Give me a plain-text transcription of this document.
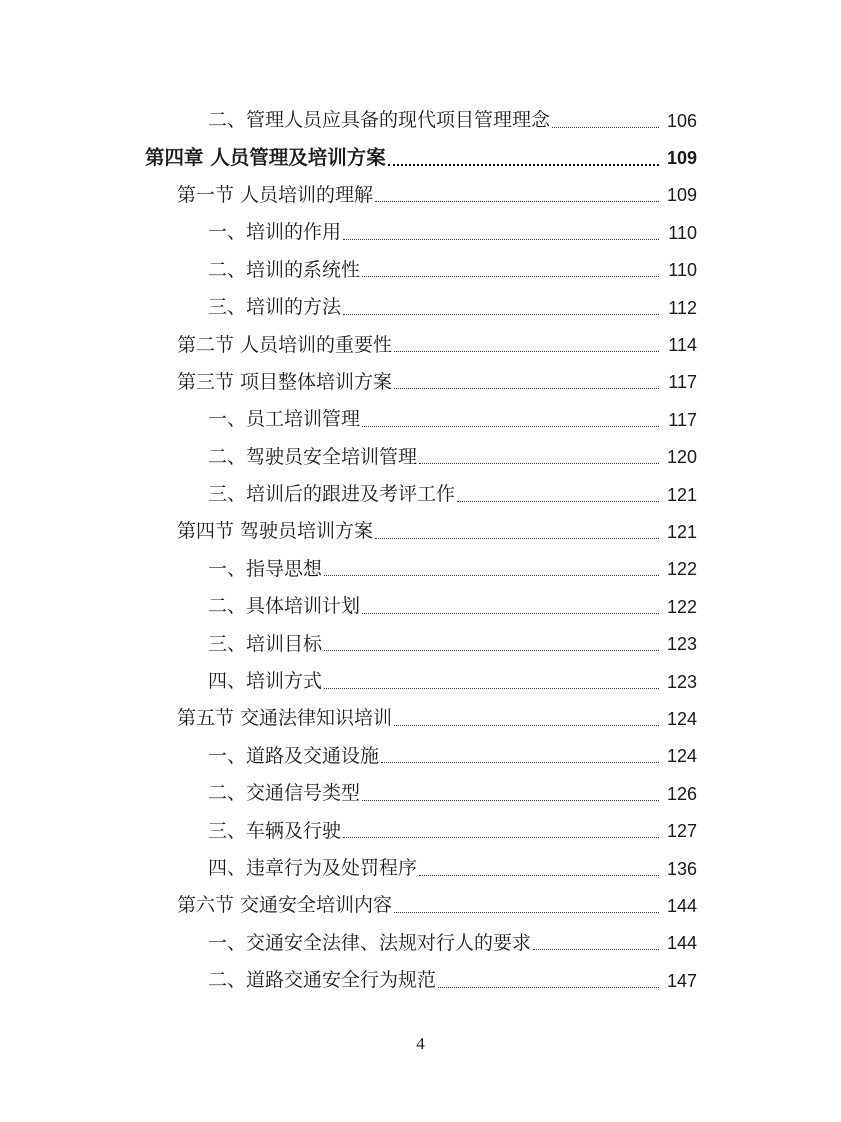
二、管理人员应具备的现代项目管理理念	106
第四章 人员管理及培训方案	109
第一节 人员培训的理解	109
一、培训的作用	110
二、培训的系统性	110
三、培训的方法	112
第二节 人员培训的重要性	114
第三节 项目整体培训方案	117
一、员工培训管理	117
二、驾驶员安全培训管理	120
三、培训后的跟进及考评工作	121
第四节 驾驶员培训方案	121
一、指导思想	122
二、具体培训计划	122
三、培训目标	123
四、培训方式	123
第五节 交通法律知识培训	124
一、道路及交通设施	124
二、交通信号类型	126
三、车辆及行驶	127
四、违章行为及处罚程序	136
第六节 交通安全培训内容	144
一、交通安全法律、法规对行人的要求	144
二、道路交通安全行为规范	147
4
